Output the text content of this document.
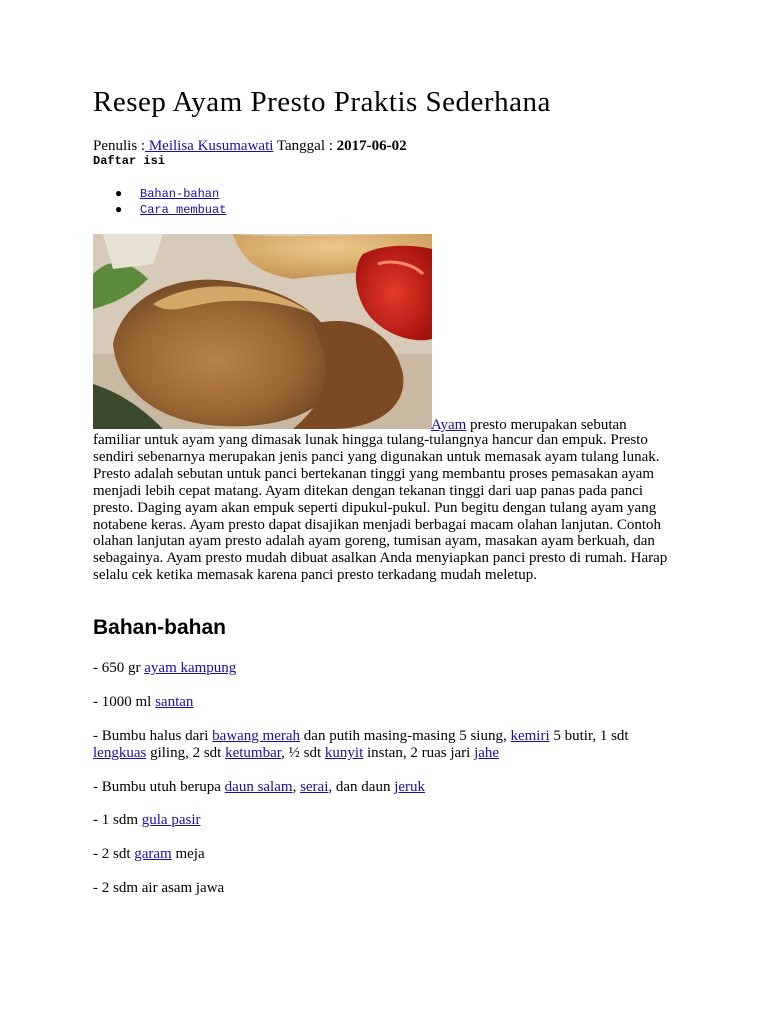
Resep Ayam Presto Praktis Sederhana
Penulis : Meilisa Kusumawati Tanggal : 2017-06-02
Daftar isi
● Bahan-bahan
● Cara membuat
Ayam presto merupakan sebutan

familiar untuk ayam yang dimasak lunak hingga tulang-tulangnya hancur dan empuk. Presto sendiri sebenarnya merupakan jenis panci yang digunakan untuk memasak ayam tulang lunak. Presto adalah sebutan untuk panci bertekanan tinggi yang membantu proses pemasakan ayam menjadi lebih cepat matang. Ayam ditekan dengan tekanan tinggi dari uap panas pada panci presto. Daging ayam akan empuk seperti dipukul-pukul. Pun begitu dengan tulang ayam yang notabene keras. Ayam presto dapat disajikan menjadi berbagai macam olahan lanjutan. Contoh olahan lanjutan ayam presto adalah ayam goreng, tumisan ayam, masakan ayam berkuah, dan sebagainya. Ayam presto mudah dibuat asalkan Anda menyiapkan panci presto di rumah. Harap selalu cek ketika memasak karena panci presto terkadang mudah meletup.

Bahan-bahan
- 650 gr ayam kampung
- 1000 ml santan
- Bumbu halus dari bawang merah dan putih masing-masing 5 siung, kemiri 5 butir, 1 sdt
lengkuas giling, 2 sdt ketumbar, ½ sdt kunyit instan, 2 ruas jari jahe
- Bumbu utuh berupa daun salam, serai, dan daun jeruk
- 1 sdm gula pasir
- 2 sdt garam meja
- 2 sdm air asam jawa
